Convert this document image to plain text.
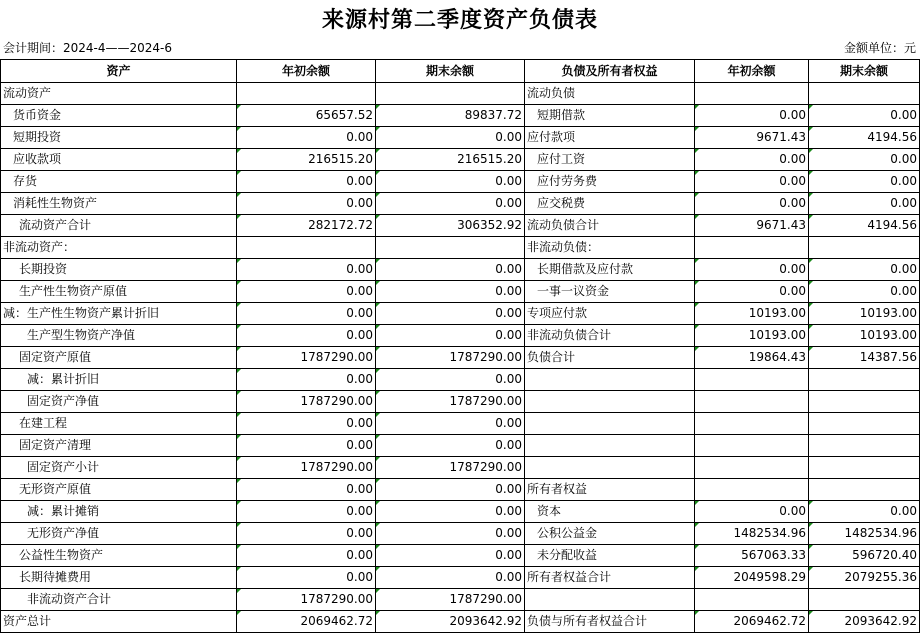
来源村第二季度资产负债表
会计期间：2024-4——2024-6	金额单位：元
资产	年初余额	期末余额	负债及所有者权益	年初余额	期末余额
流动资产			流动负债		
货币资金	65657.52	89837.72	短期借款	0.00	0.00
短期投资	0.00	0.00	应付款项	9671.43	4194.56
应收款项	216515.20	216515.20	应付工资	0.00	0.00
存货	0.00	0.00	应付劳务费	0.00	0.00
消耗性生物资产	0.00	0.00	应交税费	0.00	0.00
流动资产合计	282172.72	306352.92	流动负债合计	9671.43	4194.56
非流动资产：			非流动负债：		
长期投资	0.00	0.00	长期借款及应付款	0.00	0.00
生产性生物资产原值	0.00	0.00	一事一议资金	0.00	0.00
减：生产性生物资产累计折旧	0.00	0.00	专项应付款	10193.00	10193.00
生产型生物资产净值	0.00	0.00	非流动负债合计	10193.00	10193.00
固定资产原值	1787290.00	1787290.00	负债合计	19864.43	14387.56
减：累计折旧	0.00	0.00			
固定资产净值	1787290.00	1787290.00			
在建工程	0.00	0.00			
固定资产清理	0.00	0.00			
固定资产小计	1787290.00	1787290.00			
无形资产原值	0.00	0.00	所有者权益		
减：累计摊销	0.00	0.00	资本	0.00	0.00
无形资产净值	0.00	0.00	公积公益金	1482534.96	1482534.96
公益性生物资产	0.00	0.00	未分配收益	567063.33	596720.40
长期待摊费用	0.00	0.00	所有者权益合计	2049598.29	2079255.36
非流动资产合计	1787290.00	1787290.00			
资产总计	2069462.72	2093642.92	负债与所有者权益合计	2069462.72	2093642.92
